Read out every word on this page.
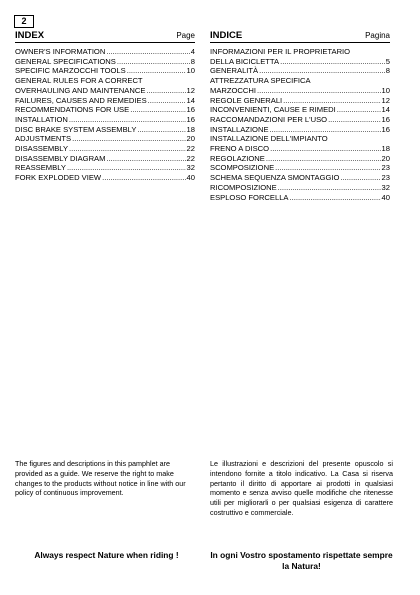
2
INDEX	Page
OWNER'S INFORMATION .....	4
GENERAL SPECIFICATIONS .....	8
SPECIFIC MARZOCCHI TOOLS .....	10
GENERAL RULES FOR A CORRECT
OVERHAULING AND MAINTENANCE .....	12
FAILURES, CAUSES AND REMEDIES .....	14
RECOMMENDATIONS FOR USE .....	16
INSTALLATION .....	16
DISC BRAKE SYSTEM ASSEMBLY .....	18
ADJUSTMENTS .....	20
DISASSEMBLY .....	22
DISASSEMBLY DIAGRAM .....	22
REASSEMBLY .....	32
FORK EXPLODED VIEW .....	40
INDICE	Pagina
INFORMAZIONI PER IL PROPRIETARIO
DELLA BICICLETTA .....	5
GENERALITÀ .....	8
ATTREZZATURA SPECIFICA
MARZOCCHI .....	10
REGOLE GENERALI .....	12
INCONVENIENTI, CAUSE E RIMEDI .....	14
RACCOMANDAZIONI PER L'USO .....	16
INSTALLAZIONE .....	16
INSTALLAZIONE DELL'IMPIANTO
FRENO A DISCO .....	18
REGOLAZIONE .....	20
SCOMPOSIZIONE .....	23
SCHEMA SEQUENZA SMONTAGGIO .....	23
RICOMPOSIZIONE .....	32
ESPLOSO FORCELLA .....	40

The figures and descriptions in this pamphlet are provided as a guide. We reserve the right to make changes to the products without notice in line with our policy of continuous improvement.

Le illustrazioni e descrizioni del presente opuscolo si intendono fornite a titolo indicativo. La Casa si riserva pertanto il diritto di apportare ai prodotti in qualsiasi momento e senza avviso quelle modifiche che ritenesse utili per migliorarli o per qualsiasi esigenza di carattere costruttivo e commerciale.

Always respect Nature when riding !	In ogni Vostro spostamento rispettate sempre la Natura!
